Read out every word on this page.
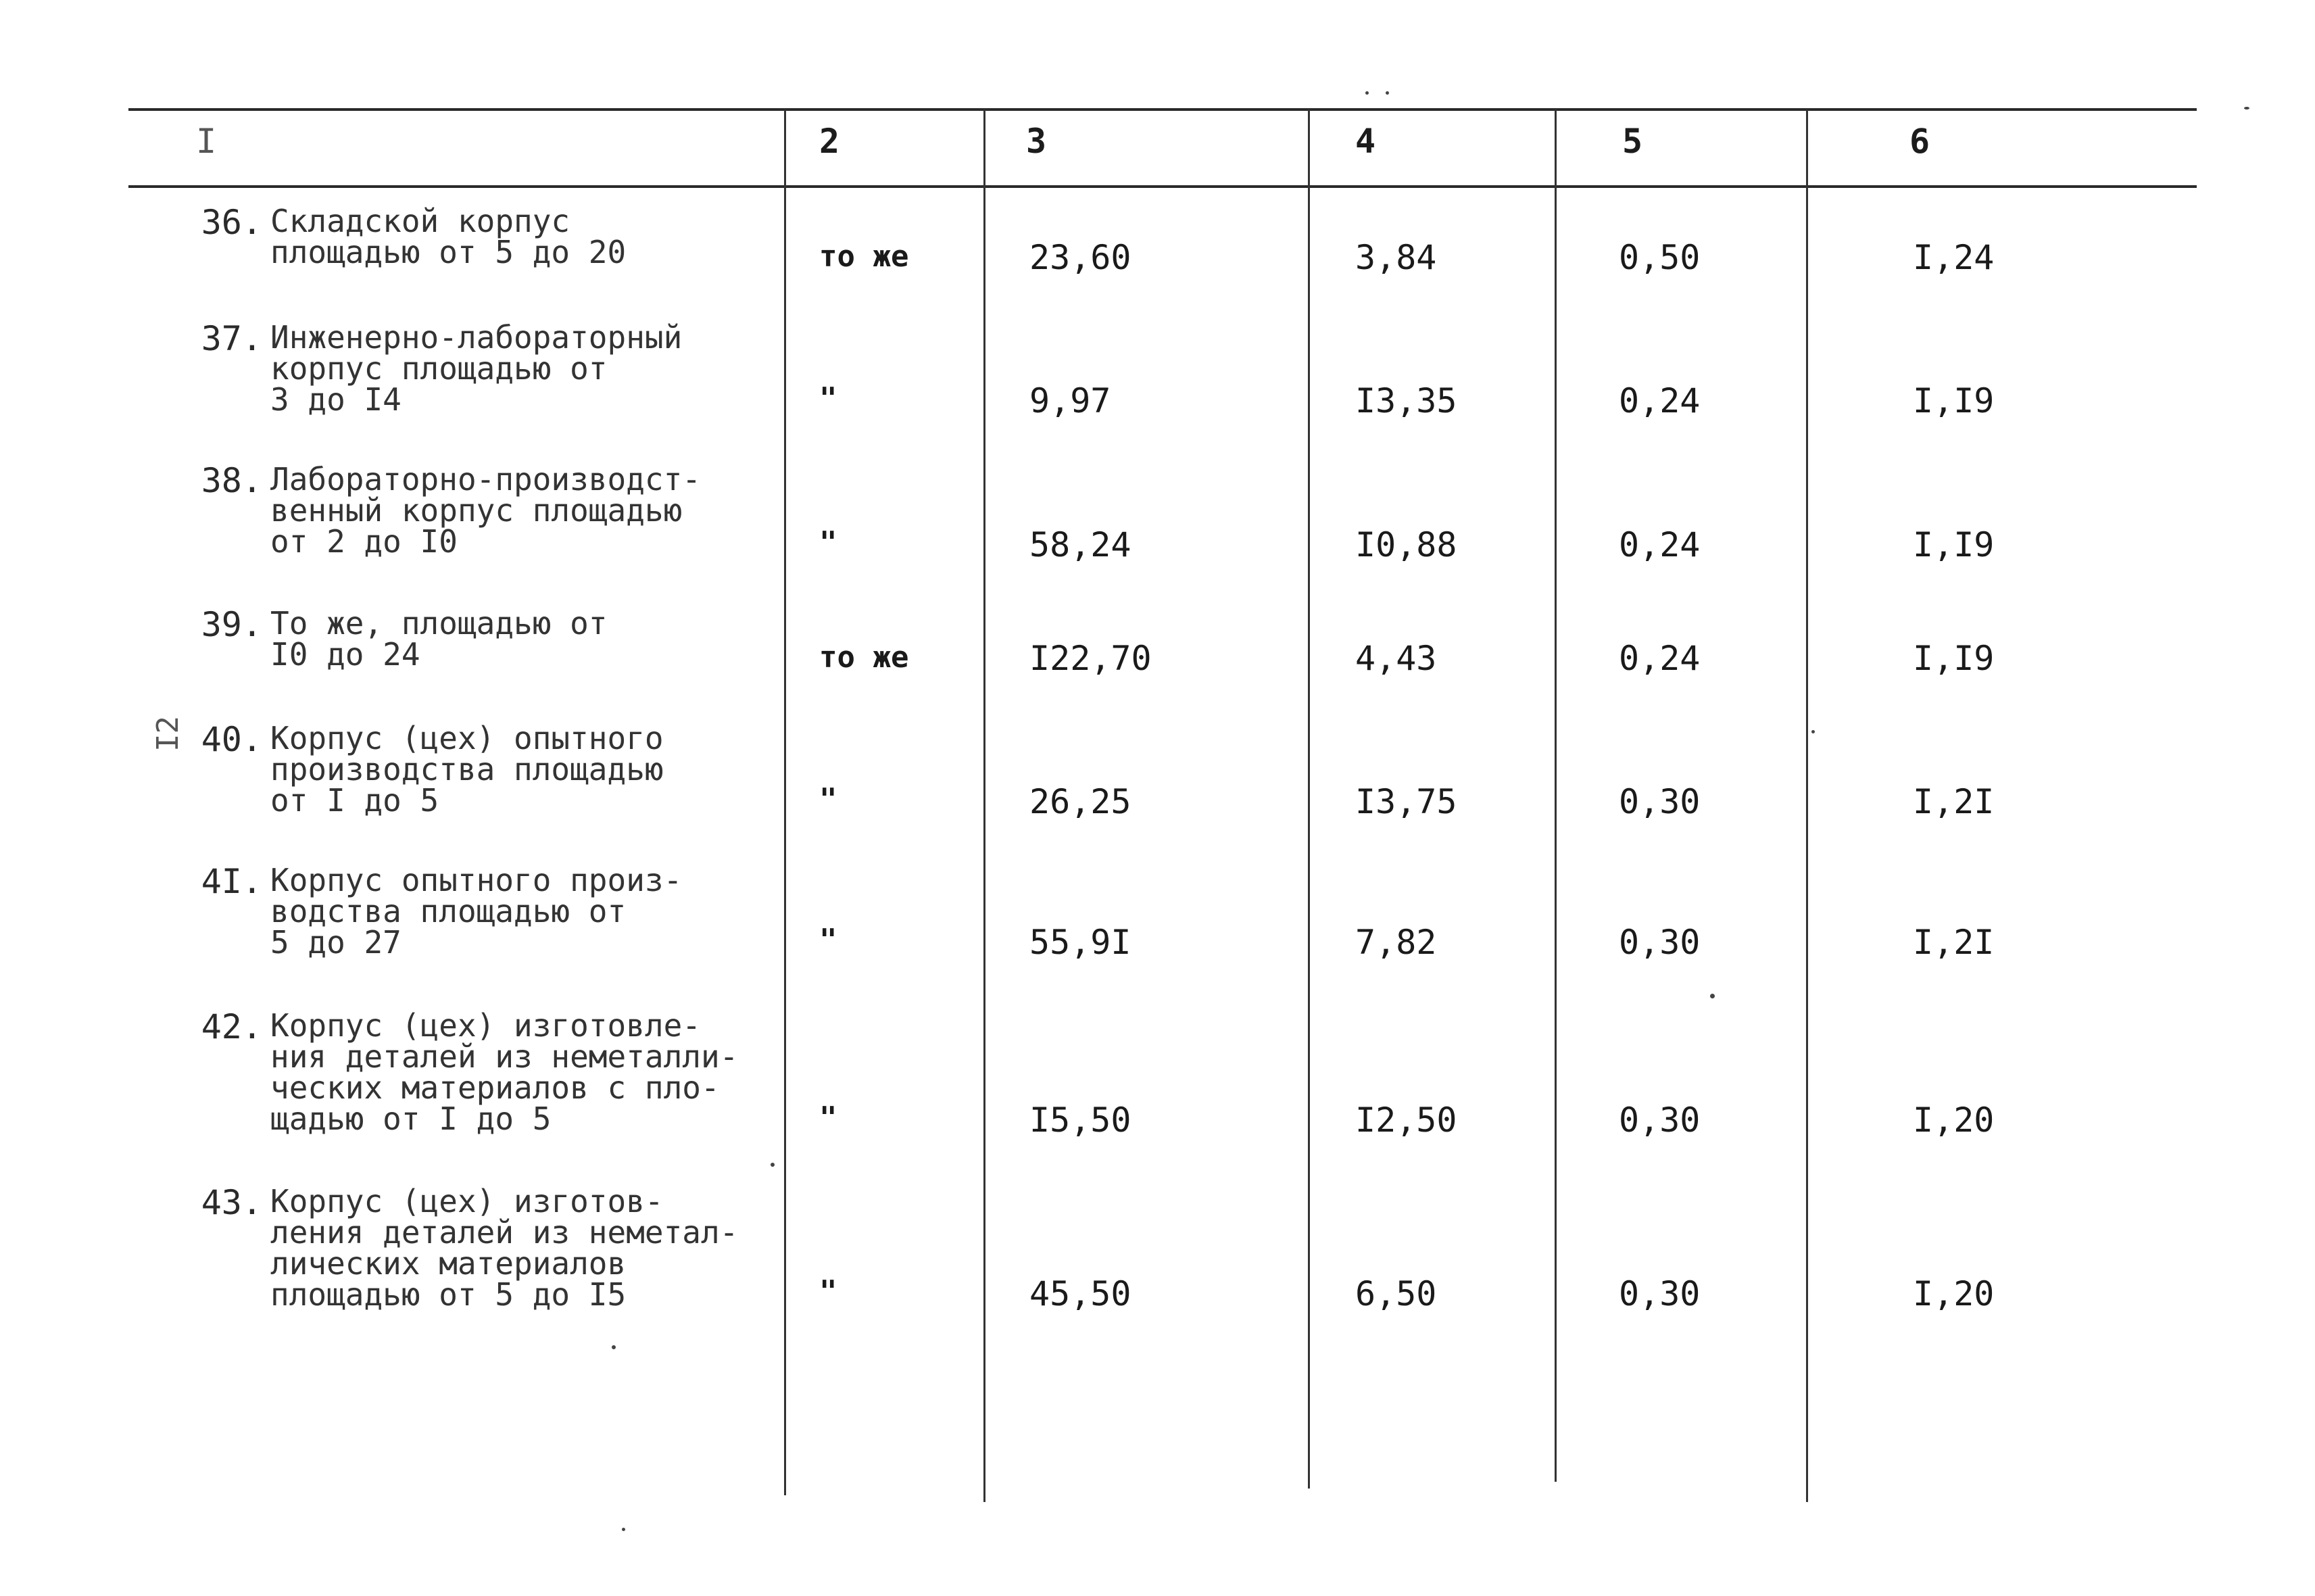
I	2	3	4	5	6
I2
36. Складской корпус
площадью от 5 до 20	то же	23,60	3,84	0,50	I,24
37. Инженерно-лабораторный
корпус площадью от
3 до I4	"	9,97	I3,35	0,24	I,I9
38. Лабораторно-производст-
венный корпус площадью
от 2 до I0	"	58,24	I0,88	0,24	I,I9
39. То же, площадью от
I0 до 24	то же	I22,70	4,43	0,24	I,I9
40. Корпус (цех) опытного
производства площадью
от I до 5	"	26,25	I3,75	0,30	I,2I
4I. Корпус опытного произ-
водства площадью от
5 до 27	"	55,9I	7,82	0,30	I,2I
42. Корпус (цех) изготовле-
ния деталей из неметалли-
ческих материалов с пло-
щадью от I до 5	"	I5,50	I2,50	0,30	I,20
43. Корпус (цех) изготов-
ления деталей из неметал-
лических материалов
площадью от 5 до I5	"	45,50	6,50	0,30	I,20
